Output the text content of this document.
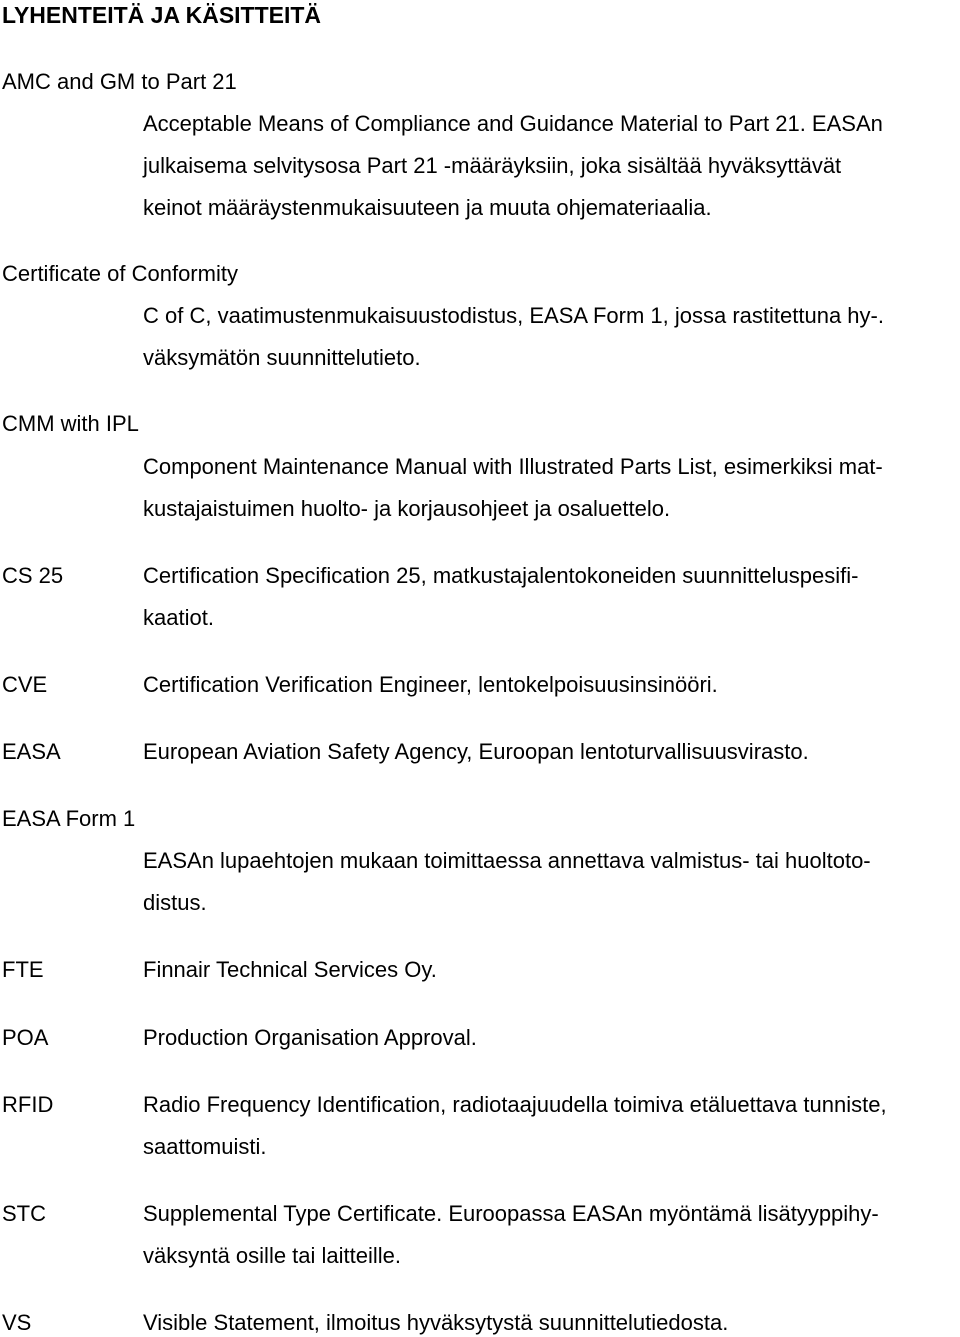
LYHENTEITÄ JA KÄSITTEITÄ
AMC and GM to Part 21
Acceptable Means of Compliance and Guidance Material to Part 21. EASAn
julkaisema selvitysosa Part 21 -määräyksiin, joka sisältää hyväksyttävät
keinot määräystenmukaisuuteen ja muuta ohjemateriaalia.
Certificate of Conformity
C of C, vaatimustenmukaisuustodistus, EASA Form 1, jossa rastitettuna hy-.
väksymätön suunnittelutieto.
CMM with IPL
Component Maintenance Manual with Illustrated Parts List, esimerkiksi mat-
kustajaistuimen huolto- ja korjausohjeet ja osaluettelo.
CS 25	Certification Specification 25, matkustajalentokoneiden suunnitteluspesifi-
kaatiot.
CVE	Certification Verification Engineer, lentokelpoisuusinsinööri.
EASA	European Aviation Safety Agency, Euroopan lentoturvallisuusvirasto.
EASA Form 1
EASAn lupaehtojen mukaan toimittaessa annettava valmistus- tai huoltoto-
distus.
FTE	Finnair Technical Services Oy.
POA	Production Organisation Approval.
RFID	Radio Frequency Identification, radiotaajuudella toimiva etäluettava tunniste,
saattomuisti.
STC	Supplemental Type Certificate. Euroopassa EASAn myöntämä lisätyyppihy-
väksyntä osille tai laitteille.
VS	Visible Statement, ilmoitus hyväksytystä suunnittelutiedosta.
